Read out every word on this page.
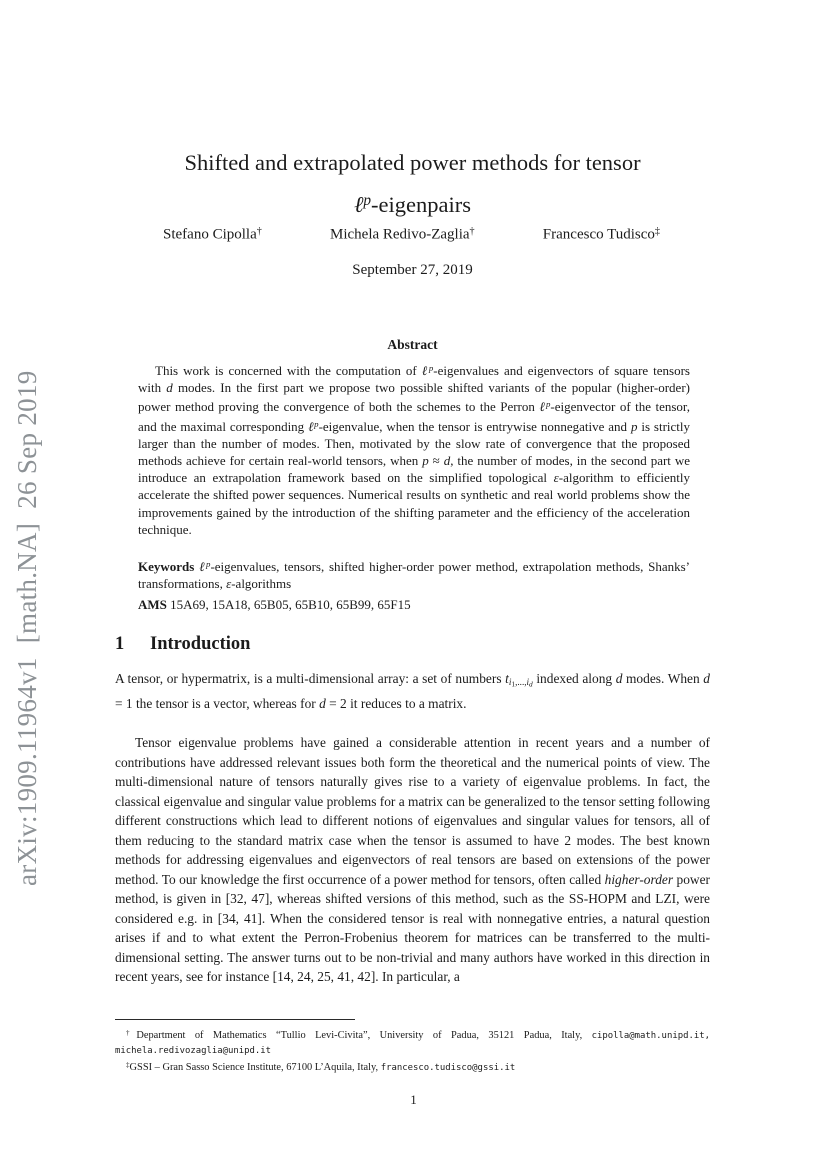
arXiv:1909.11964v1  [math.NA]  26 Sep 2019
Shifted and extrapolated power methods for tensor
ℓ$^p$-eigenpairs
Stefano Cipolla†	Michela Redivo-Zaglia†	Francesco Tudisco‡
September 27, 2019
Abstract

This work is concerned with the computation of ℓ$^p$-eigenvalues and eigenvectors of square tensors with d modes. In the first part we propose two possible shifted variants of the popular (higher-order) power method proving the convergence of both the schemes to the Perron ℓ$^p$-eigenvector of the tensor, and the maximal corresponding ℓ$^p$-eigenvalue, when the tensor is entrywise nonnegative and p is strictly larger than the number of modes. Then, motivated by the slow rate of convergence that the proposed methods achieve for certain real-world tensors, when p ≈ d, the number of modes, in the second part we introduce an extrapolation framework based on the simplified topological ε-algorithm to efficiently accelerate the shifted power sequences. Numerical results on synthetic and real world problems show the improvements gained by the introduction of the shifting parameter and the efficiency of the acceleration technique.

Keywords ℓ$^p$-eigenvalues, tensors, shifted higher-order power method, extrapolation methods, Shanks’ transformations, ε-algorithms

AMS 15A69, 15A18, 65B05, 65B10, 65B99, 65F15

1 Introduction

A tensor, or hypermatrix, is a multi-dimensional array: a set of numbers $ti_1,...,i_d$ indexed along d modes. When d = 1 the tensor is a vector, whereas for d = 2 it reduces to a matrix.

Tensor eigenvalue problems have gained a considerable attention in recent years and a number of contributions have addressed relevant issues both form the theoretical and the numerical points of view. The multi-dimensional nature of tensors naturally gives rise to a variety of eigenvalue problems. In fact, the classical eigenvalue and singular value problems for a matrix can be generalized to the tensor setting following different constructions which lead to different notions of eigenvalues and singular values for tensors, all of them reducing to the standard matrix case when the tensor is assumed to have 2 modes. The best known methods for addressing eigenvalues and eigenvectors of real tensors are based on extensions of the power method. To our knowledge the first occurrence of a power method for tensors, often called higher-order power method, is given in [32, 47], whereas shifted versions of this method, such as the SS-HOPM and LZI, were considered e.g. in [34, 41]. When the considered tensor is real with nonnegative entries, a natural question arises if and to what extent the Perron-Frobenius theorem for matrices can be transferred to the multi-dimensional setting. The answer turns out to be non-trivial and many authors have worked in this direction in recent years, see for instance [14, 24, 25, 41, 42]. In particular, a

†Department of Mathematics “Tullio Levi-Civita”, University of Padua, 35121 Padua, Italy, cipolla@math.unipd.it, michela.redivozaglia@unipd.it

‡GSSI – Gran Sasso Science Institute, 67100 L’Aquila, Italy, francesco.tudisco@gssi.it

1
